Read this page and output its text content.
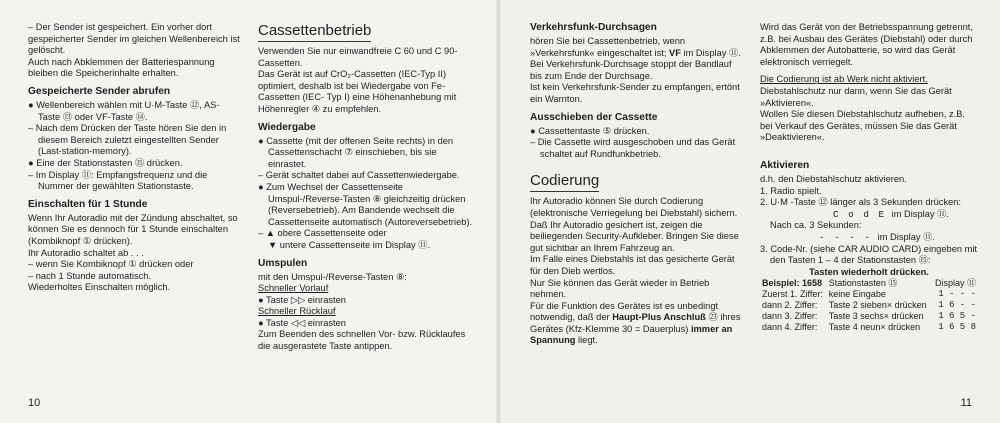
– Der Sender ist gespeichert. Ein vorher dort gespeicherter Sender im gleichen Wellenbereich ist gelöscht.

Auch nach Abklemmen der Batteriespannung bleiben die Speicherinhalte erhalten.

Gespeicherte Sender abrufen

● Wellenbereich wählen mit U·M-Taste ⑫, AS-Taste ⑬ oder VF-Taste ⑭.

– Nach dem Drücken der Taste hören Sie den in diesem Bereich zuletzt eingestellten Sender (Last-station-memory).

● Eine der Stationstasten ⑮ drücken.

– Im Display ⑪: Empfangsfrequenz und die Nummer der gewählten Stationstaste.

Einschalten für 1 Stunde

Wenn Ihr Autoradio mit der Zündung abschaltet, so können Sie es dennoch für 1 Stunde einschalten (Kombiknopf ① drücken).

Ihr Autoradio schaltet ab . . .

– wenn Sie Kombiknopf ① drücken oder

– nach 1 Stunde automatisch.

Wiederholtes Einschalten möglich.

10
Cassettenbetrieb

Verwenden Sie nur einwandfreie C 60 und C 90-Cassetten.

Das Gerät ist auf CrO₂-Cassetten (IEC-Typ II) optimiert, deshalb ist bei Wiedergabe von Fe-Cassetten (IEC- Typ I) eine Höhenanhebung mit Höhenregler ④ zu empfehlen.

Wiedergabe

● Cassette (mit der offenen Seite rechts) in den Cassettenschacht ⑦ einschieben, bis sie einrastet.

– Gerät schaltet dabei auf Cassettenwiedergabe.

● Zum Wechsel der Cassettenseite Umspul-/Reverse-Tasten ⑧ gleichzeitig drücken (Reversebetrieb). Am Bandende wechselt die Cassettenseite automatisch (Autoreversebetrieb).

– ▲ obere Cassettenseite oder

▼ untere Cassettenseite im Display ⑪.

Umspulen

mit den Umspul-/Reverse-Tasten ⑧:

Schneller Vorlauf

● Taste ▷▷ einrasten

Schneller Rücklauf

● Taste ◁◁ einrasten

Zum Beenden des schnellen Vor- bzw. Rücklaufes die ausgerastete Taste antippen.

Verkehrsfunk-Durchsagen

hören Sie bei Cassettenbetrieb, wenn »Verkehrsfunk« eingeschaltet ist; VF im Display ⑪.

Bei Verkehrsfunk-Durchsage stoppt der Bandlauf bis zum Ende der Durchsage.

Ist kein Verkehrsfunk-Sender zu empfangen, ertönt ein Warnton.

Ausschieben der Cassette

● Cassettentaste ⑤ drücken.

– Die Cassette wird ausgeschoben und das Gerät schaltet auf Rundfunkbetrieb.

Codierung

Ihr Autoradio können Sie durch Codierung (elektronische Verriegelung bei Diebstahl) sichern.

Daß Ihr Autoradio gesichert ist, zeigen die beiliegenden Security-Aufkleber. Bringen Sie diese gut sichtbar an Ihrem Fahrzeug an.

Im Falle eines Diebstahls ist das gesicherte Gerät für den Dieb wertlos.

Nur Sie können das Gerät wieder in Betrieb nehmen.

Für die Funktion des Gerätes ist es unbedingt notwendig, daß der Haupt-Plus Anschluß ㉓ ihres Gerätes (Kfz-Klemme 30 = Dauerplus) immer an Spannung liegt.

Wird das Gerät von der Betriebsspannung getrennt, z.B. bei Ausbau des Gerätes (Diebstahl) oder durch Abklemmen der Autobatterie, so wird das Gerät elektronisch verriegelt.

Die Codierung ist ab Werk nicht aktiviert.

Diebstahlschutz nur dann, wenn Sie das Gerät »Aktivieren«.

Wollen Sie diesen Diebstahlschutz aufheben, z.B. bei Verkauf des Gerätes, müssen Sie das Gerät »Deaktivieren«.

Aktivieren

d.h. den Diebstahlschutz aktivieren.

1. Radio spielt.

2. U·M -Taste ⑫ länger als 3 Sekunden drücken:

C o d E im Display ⑪.

Nach ca. 3 Sekunden:

- - - - im Display ⑪.

3. Code-Nr. (siehe CAR AUDIO CARD) eingeben mit den Tasten 1 – 4 der Stationstasten ⑮:

Tasten wiederholt drücken.

Beispiel: 1658	Stationstasten ⑮	Display ⑪
Zuerst 1. Ziffer:	keine Eingabe	1 - - -
dann 2. Ziffer:	Taste 2 sieben× drücken	1 6 - -
dann 3. Ziffer:	Taste 3 sechs× drücken	1 6 5 -
dann 4. Ziffer:	Taste 4 neun× drücken	1 6 5 8
11
